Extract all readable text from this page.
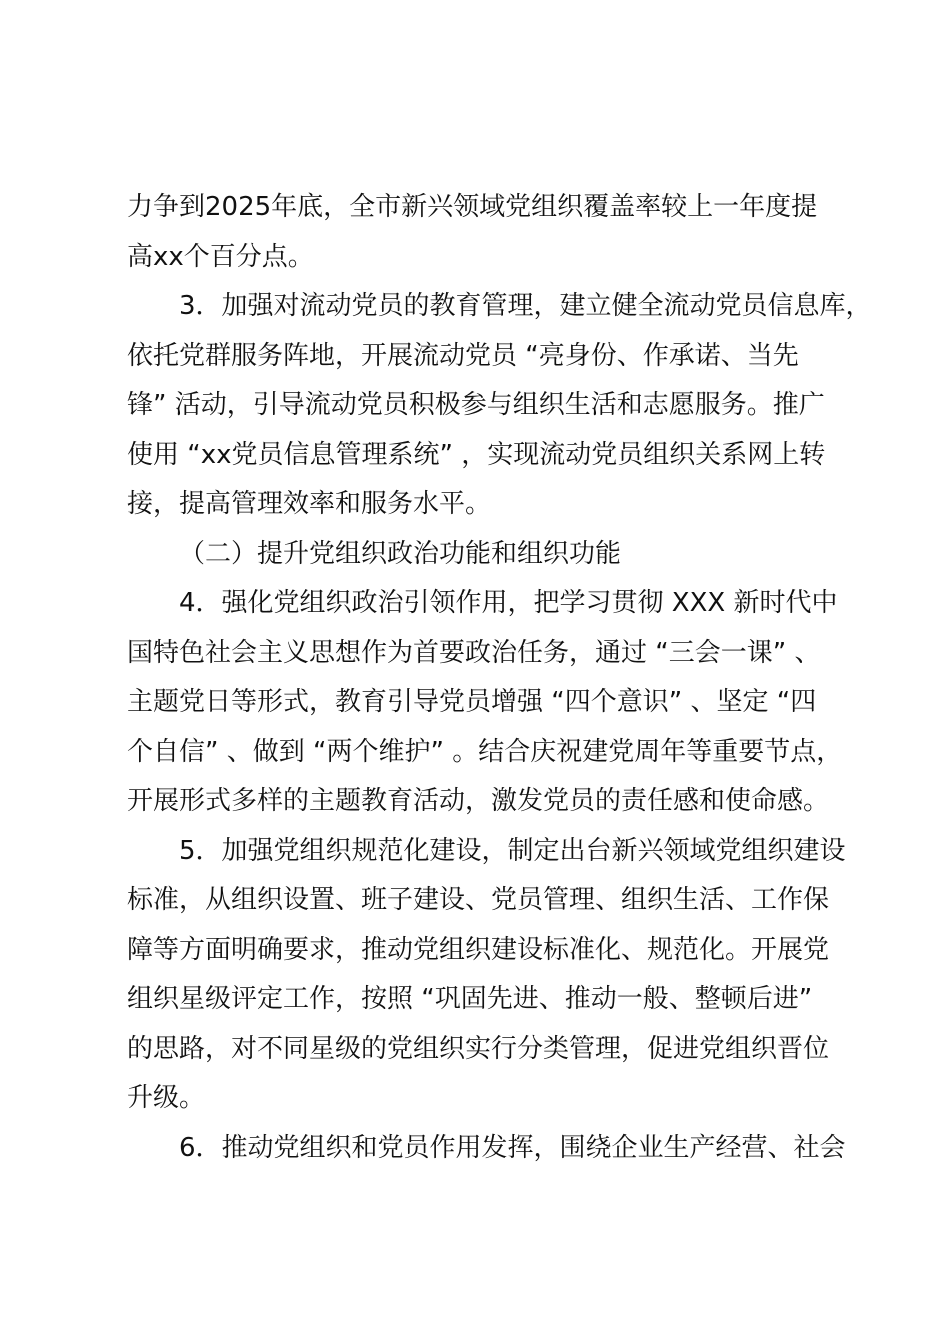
力争到2025年底，全市新兴领域党组织覆盖率较上一年度提
高xx个百分点。
3．加强对流动党员的教育管理，建立健全流动党员信息库，
依托党群服务阵地，开展流动党员 “亮身份、作承诺、当先
锋” 活动，引导流动党员积极参与组织生活和志愿服务。推广
使用 “xx党员信息管理系统” ，实现流动党员组织关系网上转
接，提高管理效率和服务水平。
（二）提升党组织政治功能和组织功能
4．强化党组织政治引领作用，把学习贯彻 XXX 新时代中
国特色社会主义思想作为首要政治任务，通过 “三会一课” 、
主题党日等形式，教育引导党员增强 “四个意识” 、坚定 “四
个自信” 、做到 “两个维护” 。结合庆祝建党周年等重要节点，
开展形式多样的主题教育活动，激发党员的责任感和使命感。
5．加强党组织规范化建设，制定出台新兴领域党组织建设
标准，从组织设置、班子建设、党员管理、组织生活、工作保
障等方面明确要求，推动党组织建设标准化、规范化。开展党
组织星级评定工作，按照 “巩固先进、推动一般、整顿后进”
的思路，对不同星级的党组织实行分类管理，促进党组织晋位
升级。
6．推动党组织和党员作用发挥，围绕企业生产经营、社会
